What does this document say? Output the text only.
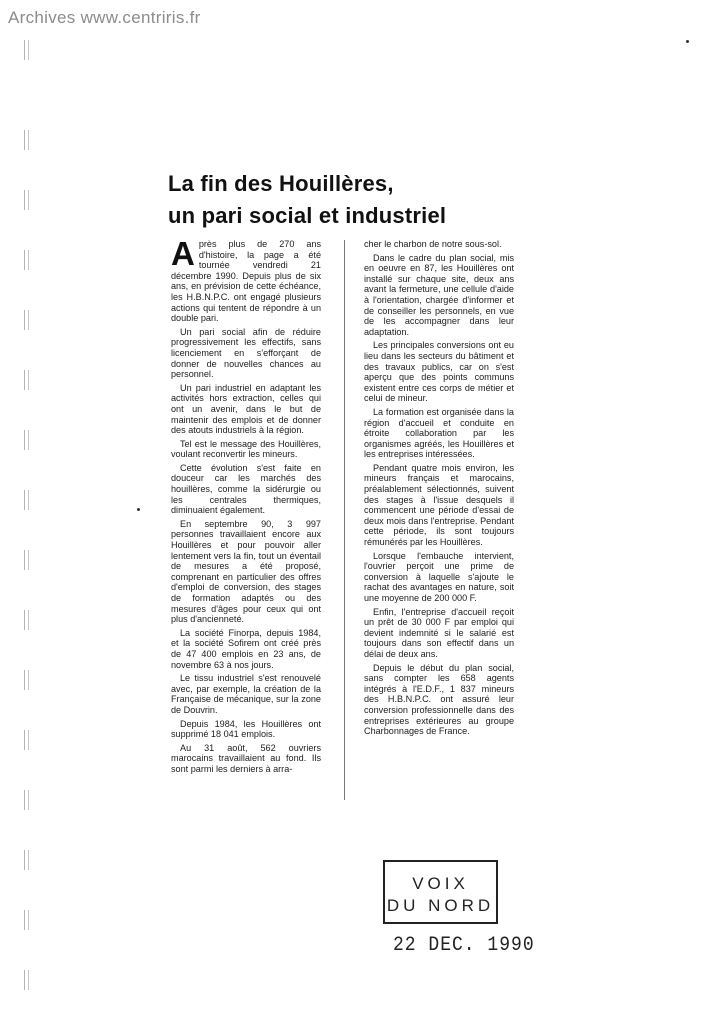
Archives www.centriris.fr
La fin des Houillères,
un pari social et industriel

Après plus de 270 ans d'histoire, la page a été tournée vendredi 21 décembre 1990. Depuis plus de six ans, en prévision de cette échéance, les H.B.N.P.C. ont engagé plusieurs actions qui tentent de répondre à un double pari.

Un pari social afin de réduire progressivement les effectifs, sans licenciement en s'efforçant de donner de nouvelles chances au personnel.

Un pari industriel en adaptant les activités hors extraction, celles qui ont un avenir, dans le but de maintenir des emplois et de donner des atouts industriels à la région.

Tel est le message des Houillères, voulant reconvertir les mineurs.

Cette évolution s'est faite en douceur car les marchés des houillères, comme la sidérurgie ou les centrales thermiques, diminuaient également.

En septembre 90, 3 997 personnes travaillaient encore aux Houillères et pour pouvoir aller lentement vers la fin, tout un éventail de mesures a été proposé, comprenant en particulier des offres d'emploi de conversion, des stages de formation adaptés ou des mesures d'âges pour ceux qui ont plus d'ancienneté.

La société Finorpa, depuis 1984, et la société Sofirem ont créé près de 47 400 emplois en 23 ans, de novembre 63 à nos jours.

Le tissu industriel s'est renouvelé avec, par exemple, la création de la Française de mécanique, sur la zone de Douvrin.

Depuis 1984, les Houillères ont supprimé 18 041 emplois.

Au 31 août, 562 ouvriers marocains travaillaient au fond. Ils sont parmi les derniers à arra-

cher le charbon de notre sous-sol.

Dans le cadre du plan social, mis en oeuvre en 87, les Houillères ont installé sur chaque site, deux ans avant la fermeture, une cellule d'aide à l'orientation, chargée d'informer et de conseiller les personnels, en vue de les accompagner dans leur adaptation.

Les principales conversions ont eu lieu dans les secteurs du bâtiment et des travaux publics, car on s'est aperçu que des points communs existent entre ces corps de métier et celui de mineur.

La formation est organisée dans la région d'accueil et conduite en étroite collaboration par les organismes agréés, les Houillères et les entreprises intéressées.

Pendant quatre mois environ, les mineurs français et marocains, préalablement sélectionnés, suivent des stages à l'issue desquels il commencent une période d'essai de deux mois dans l'entreprise. Pendant cette période, ils sont toujours rémunérés par les Houillères.

Lorsque l'embauche intervient, l'ouvrier perçoit une prime de conversion à laquelle s'ajoute le rachat des avantages en nature, soit une moyenne de 200 000 F.

Enfin, l'entreprise d'accueil reçoit un prêt de 30 000 F par emploi qui devient indemnité si le salarié est toujours dans son effectif dans un délai de deux ans.

Depuis le début du plan social, sans compter les 658 agents intégrés à l'E.D.F., 1 837 mineurs des H.B.N.P.C. ont assuré leur conversion professionnelle dans des entreprises extérieures au groupe Charbonnages de France.

VOIX
DU NORD
22 DEC. 1990
